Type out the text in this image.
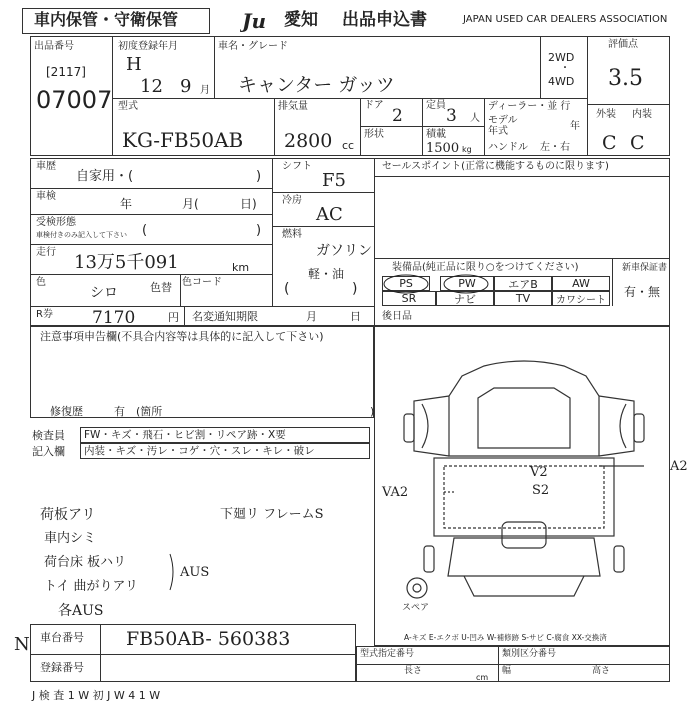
車内保管・守衛保管	Ju 愛知 出品申込書	JAPAN USED CAR DEALERS ASSOCIATION
出品番号
[2117]
07007
初度登録年月
H
12 9 月
車名・グレード
キャンター ガッツ
2WD
・
4WD
評価点
3.5
型式
KG-FB50AB
排気量
2800 cc
ドア
2
定員
3 人
形状	積載
1500 kg
ディーラー・並 行
モデル
年
年式
ハンドル 左・右
外装 内装
C C
車歴
自家用・(	)
車検
年	月(	日)
受検形態
車検付きのみ記入して下さい (	)
走行 13万5千091	km
色
シロ	色替 色コード
シフト
F5
冷房
AC
燃料
ガソリン
(
軽・油
)
セールスポイント(正常に機能するものに限ります)
装備品(純正品に限り○をつけてください)
PS	PW	エアB	AW
SR	ナビ	TV	カワシート
新車保証書
有・無
R券 7170	円 名変通知期限	月	日 後日品
注意事項申告欄(不具合内容等は具体的に記入して下さい)
修復歴	有 (箇所	)
検査員
記入欄
FW・キズ・飛石・ヒビ割・リペア跡・X要
内装・キズ・汚レ・コゲ・穴・スレ・キレ・破レ
荷板アリ
車内シミ
荷台床 板ハリ
トイ 曲がりアリ
各AUS
AUS
下廻リ フレームS
VA2
A2
V2
S2
スペア
A-キズ E-エクボ U-凹み W-補修跡 S-サビ C-腐食 XX-交換済
車台番号 FB50AB- 560383
登録番号
N	型式指定番号	類別区分番号
長さ	幅	高さ
cm
J 検 査 1 W 初 J W 4 1 W
